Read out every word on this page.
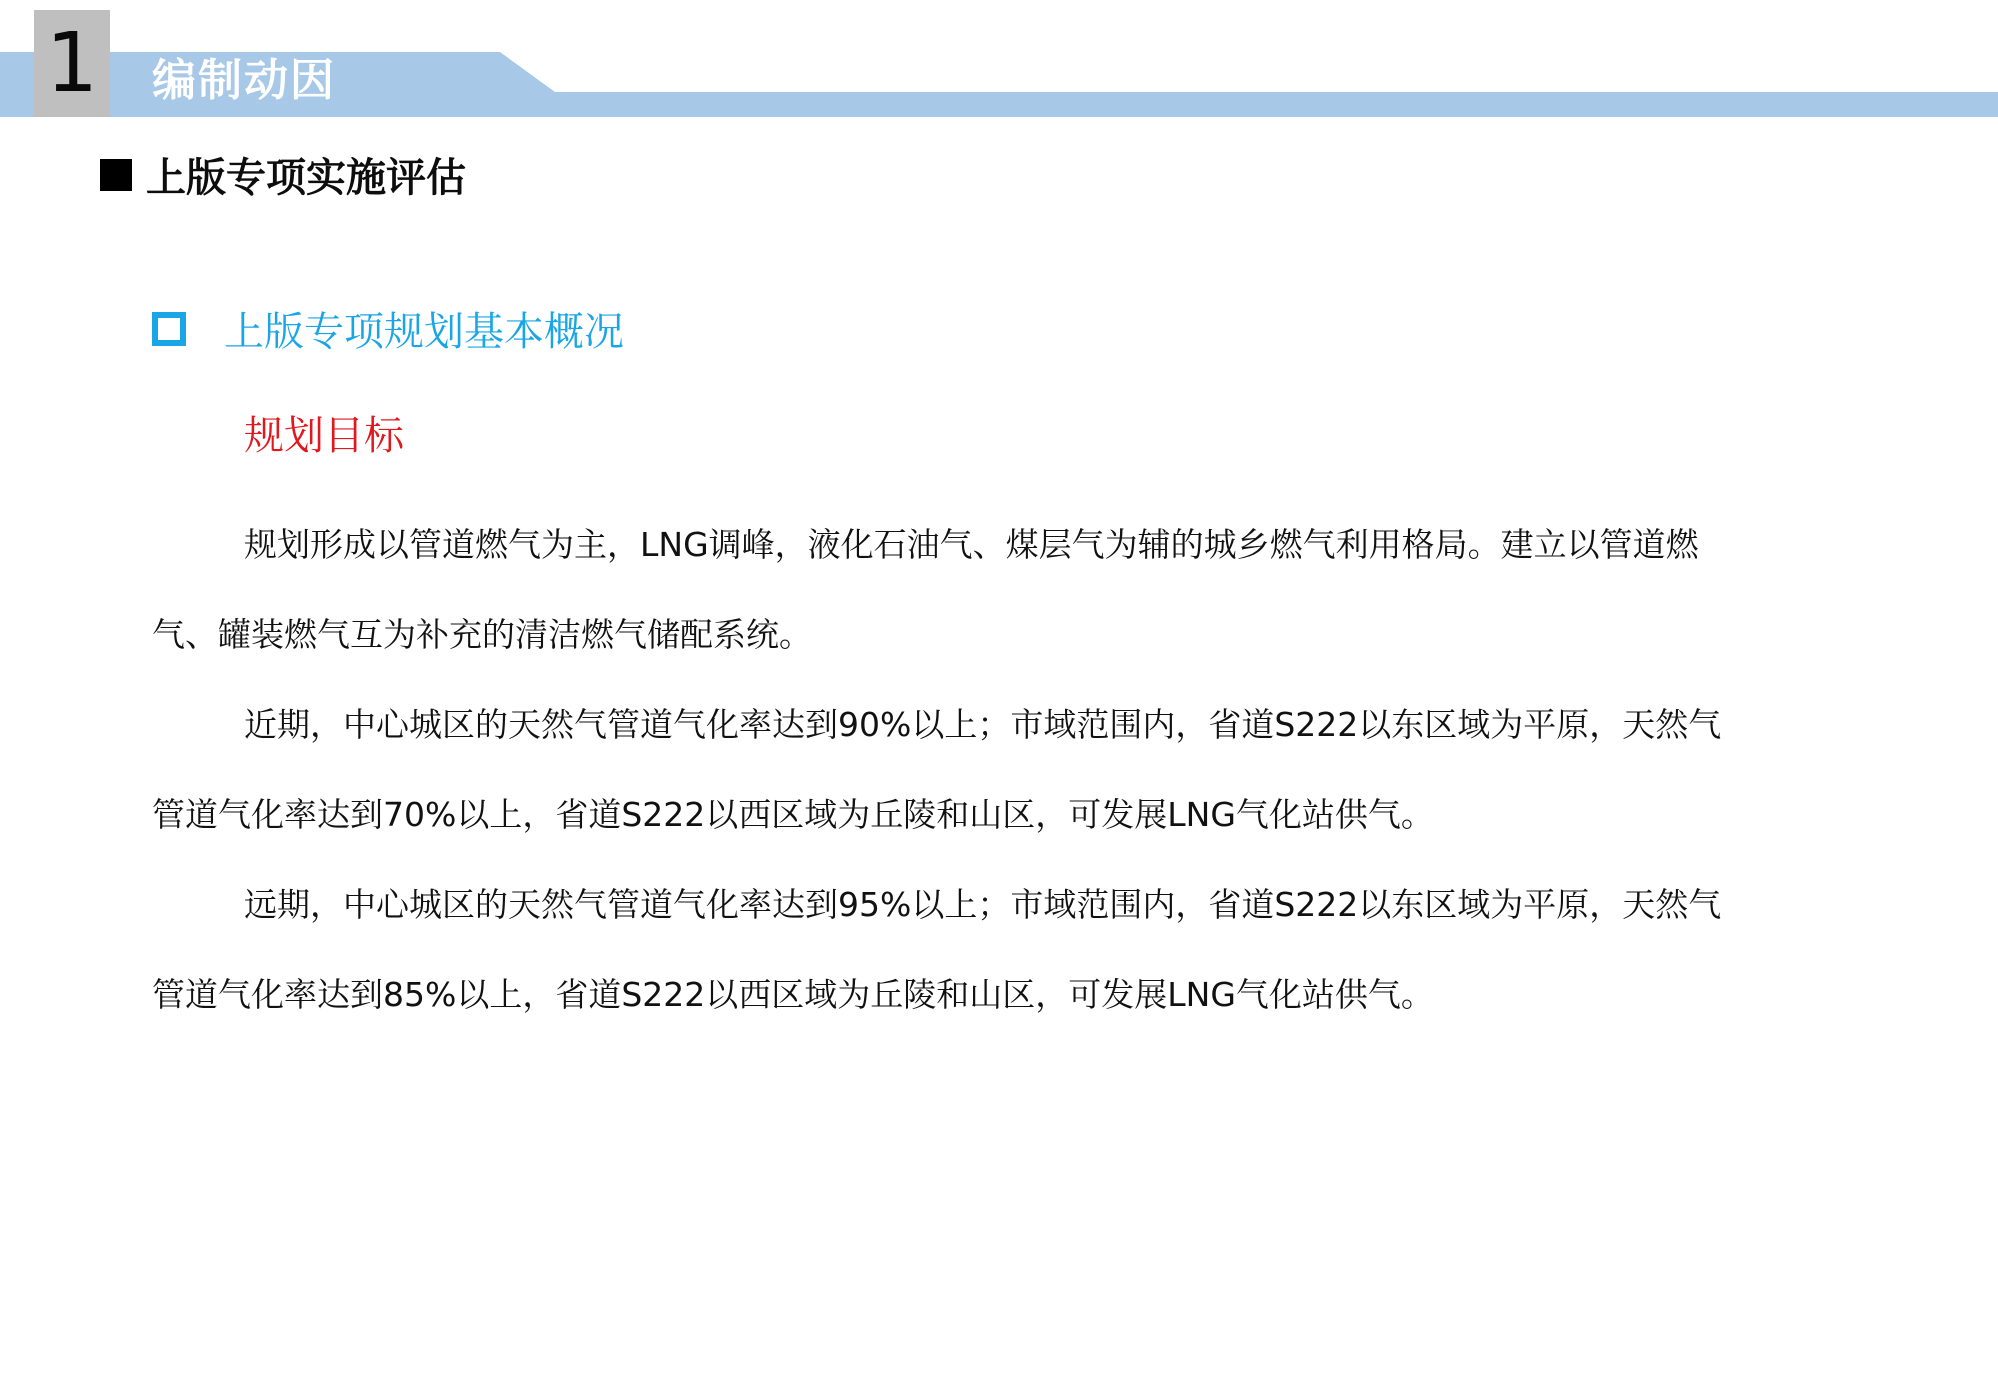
1 编制动因
上版专项实施评估
上版专项规划基本概况
规划目标

规划形成以管道燃气为主，LNG调峰，液化石油气、煤层气为辅的城乡燃气利用格局。建立以管道燃气、罐装燃气互为补充的清洁燃气储配系统。

近期，中心城区的天然气管道气化率达到90%以上；市域范围内，省道S222以东区域为平原，天然气管道气化率达到70%以上，省道S222以西区域为丘陵和山区，可发展LNG气化站供气。

远期，中心城区的天然气管道气化率达到95%以上；市域范围内，省道S222以东区域为平原，天然气管道气化率达到85%以上，省道S222以西区域为丘陵和山区，可发展LNG气化站供气。
